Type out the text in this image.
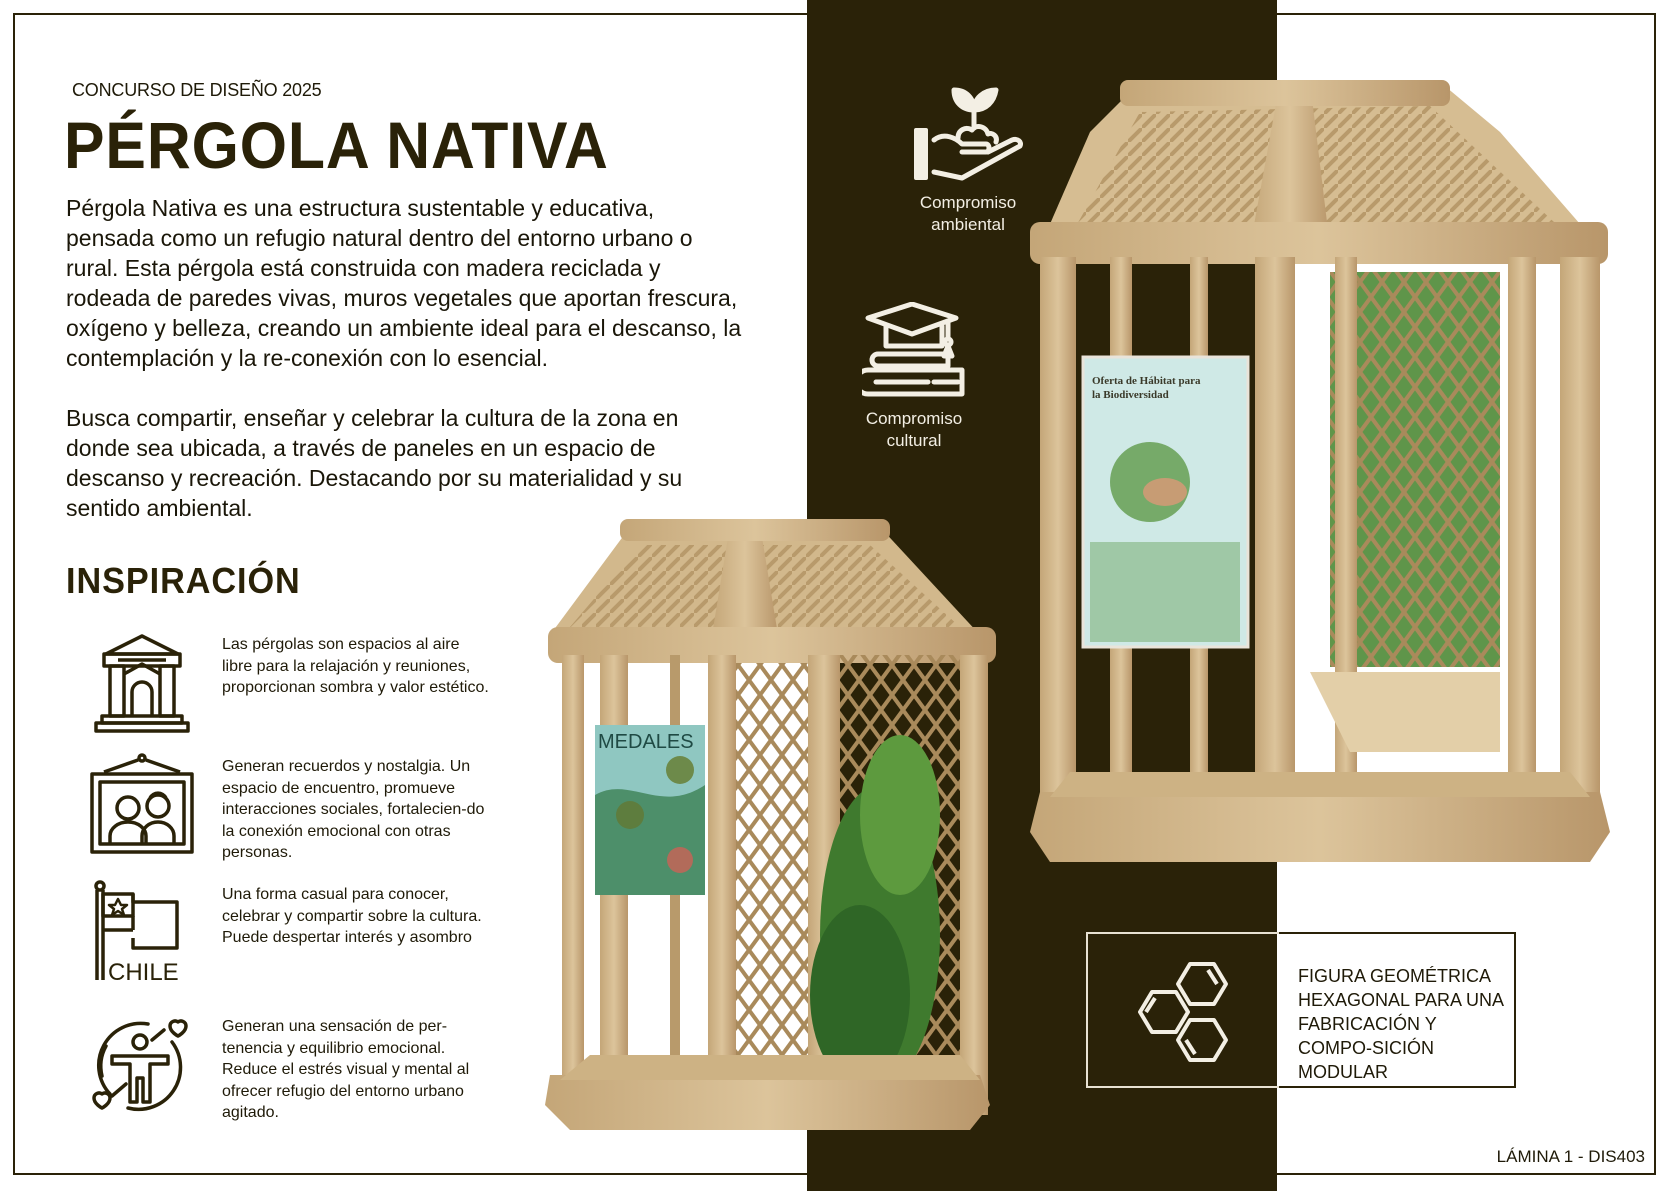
CONCURSO DE DISEÑO 2025
PÉRGOLA NATIVA
Pérgola Nativa es una estructura sustentable y educativa, pensada como un refugio natural dentro del entorno urbano o rural. Esta pérgola está construida con madera reciclada y rodeada de paredes vivas, muros vegetales que aportan frescura, oxígeno y belleza, creando un ambiente ideal para el descanso, la contemplación y la re-conexión con lo esencial.
Busca compartir, enseñar y celebrar la cultura de la zona en donde sea ubicada, a través de paneles en un espacio de descanso y recreación. Destacando por su materialidad y su sentido ambiental.
INSPIRACIÓN
Las pérgolas son espacios al aire libre para la relajación y reuniones, proporcionan sombra y valor estético.
Generan recuerdos y nostalgia. Un espacio de encuentro, promueve interacciones sociales, fortalecien-do la conexión emocional con otras personas.
CHILE
Una forma casual para conocer, celebrar y compartir sobre la cultura. Puede despertar interés y asombro
Generan una sensación de per-tenencia y equilibrio emocional. Reduce el estrés visual y mental al ofrecer refugio del entorno urbano agitado.
Compromiso
ambiental
Compromiso
cultural
Oferta de Hábitat para
la Biodiversidad
MEDALES
FIGURA GEOMÉTRICA HEXAGONAL PARA UNA FABRICACIÓN Y COMPO-SICIÓN MODULAR
LÁMINA 1 - DIS403
